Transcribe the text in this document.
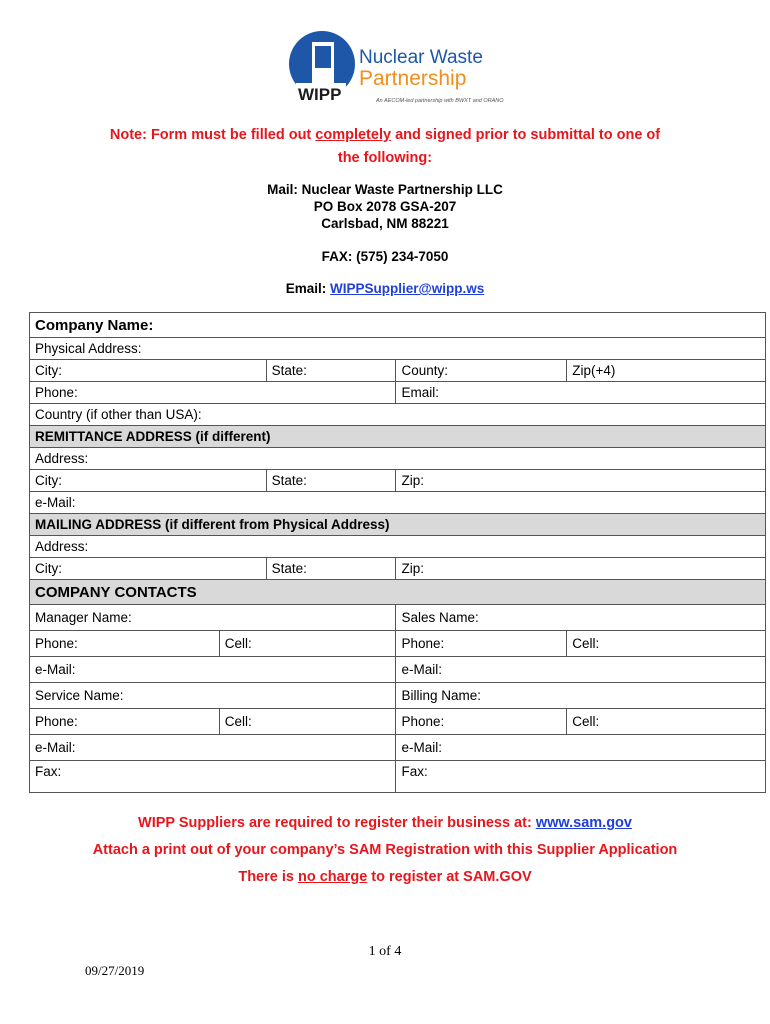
WIPP
Nuclear Waste
Partnership
An AECOM-led partnership with BWXT and ORANO
Note: Form must be filled out completely and signed prior to submittal to one of
the following:
Mail: Nuclear Waste Partnership LLC
PO Box 2078 GSA-207
Carlsbad, NM 88221
FAX: (575) 234-7050
Email: WIPPSupplier@wipp.ws
Company Name:				
Physical Address:				
City:		State:	County:	Zip(+4)
Phone:			Email:	
Country (if other than USA):				
REMITTANCE ADDRESS (if different)				
Address:				
City:		State:	Zip:	
e-Mail:				
MAILING ADDRESS (if different from Physical Address)				
Address:				
City:		State:	Zip:	
COMPANY CONTACTS				
Manager Name:			Sales Name:	
Phone:	Cell:		Phone:	Cell:
e-Mail:			e-Mail:	
Service Name:			Billing Name:	
Phone:	Cell:		Phone:	Cell:
e-Mail:			e-Mail:	
Fax:			Fax:	
WIPP Suppliers are required to register their business at: www.sam.gov
Attach a print out of your company’s SAM Registration with this Supplier Application
There is no charge to register at SAM.GOV
1 of 4
09/27/2019
